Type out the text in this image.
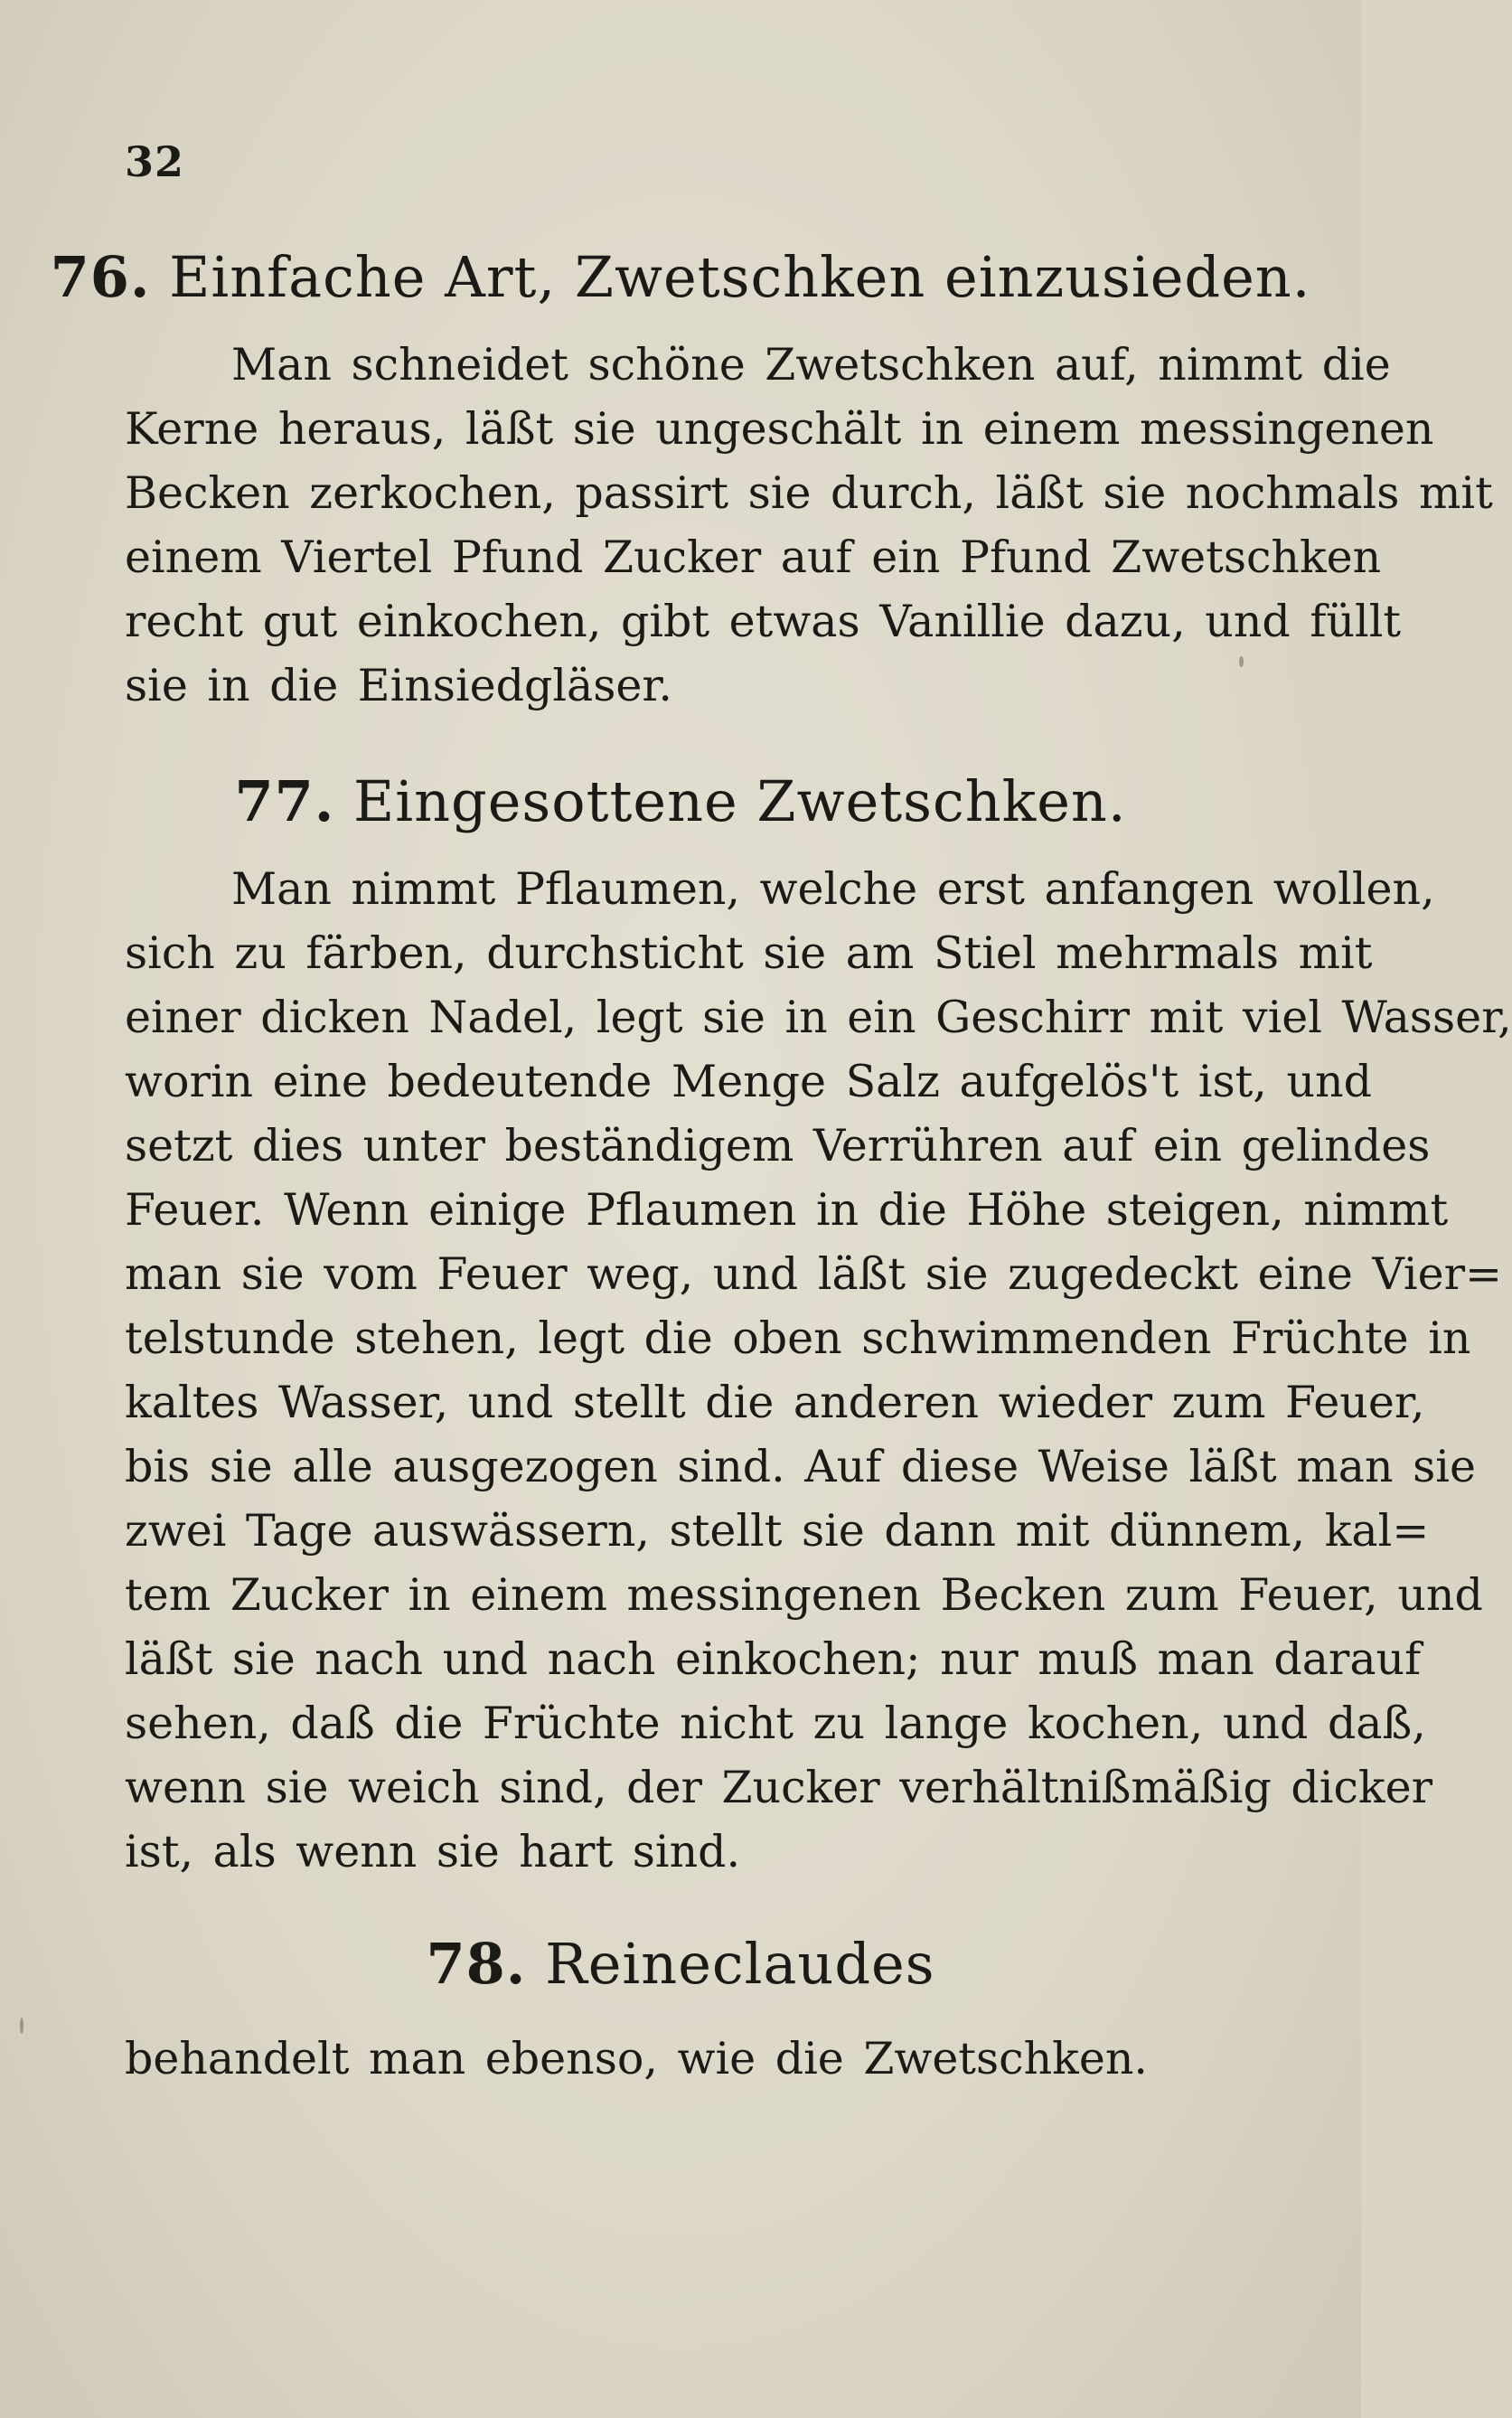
32
76. Einfache Art, Zwetschken einzusieden.
Man schneidet schöne Zwetschken auf, nimmt die
Kerne heraus, läßt sie ungeschält in einem messingenen
Becken zerkochen, passirt sie durch, läßt sie nochmals mit
einem Viertel Pfund Zucker auf ein Pfund Zwetschken
recht gut einkochen, gibt etwas Vanillie dazu, und füllt
sie in die Einsiedgläser.
77. Eingesottene Zwetschken.
Man nimmt Pflaumen, welche erst anfangen wollen,
sich zu färben, durchsticht sie am Stiel mehrmals mit
einer dicken Nadel, legt sie in ein Geschirr mit viel Wasser,
worin eine bedeutende Menge Salz aufgelös't ist, und
setzt dies unter beständigem Verrühren auf ein gelindes
Feuer. Wenn einige Pflaumen in die Höhe steigen, nimmt
man sie vom Feuer weg, und läßt sie zugedeckt eine Vier=
telstunde stehen, legt die oben schwimmenden Früchte in
kaltes Wasser, und stellt die anderen wieder zum Feuer,
bis sie alle ausgezogen sind. Auf diese Weise läßt man sie
zwei Tage auswässern, stellt sie dann mit dünnem, kal=
tem Zucker in einem messingenen Becken zum Feuer, und
läßt sie nach und nach einkochen; nur muß man darauf
sehen, daß die Früchte nicht zu lange kochen, und daß,
wenn sie weich sind, der Zucker verhältnißmäßig dicker
ist, als wenn sie hart sind.
78. Reineclaudes
behandelt man ebenso, wie die Zwetschken.
